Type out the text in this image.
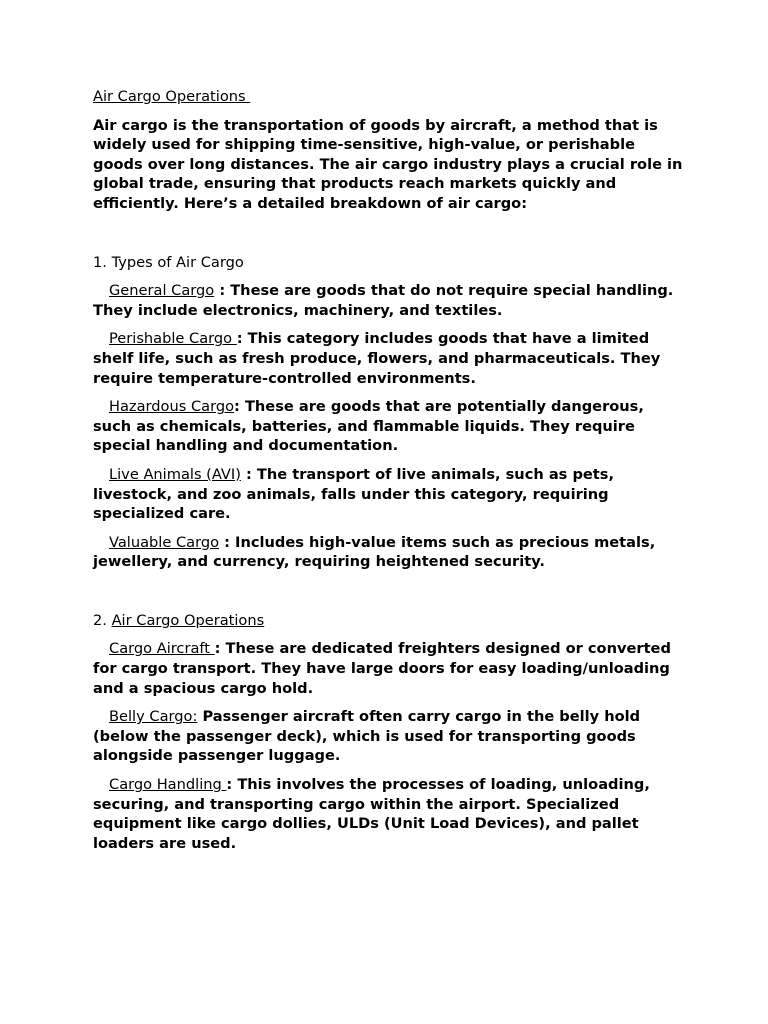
Air Cargo Operations

Air cargo is the transportation of goods by aircraft, a method that is widely used for shipping time-sensitive, high-value, or perishable goods over long distances. The air cargo industry plays a crucial role in global trade, ensuring that products reach markets quickly and efficiently. Here’s a detailed breakdown of air cargo:

1. Types of Air Cargo

General Cargo : These are goods that do not require special handling. They include electronics, machinery, and textiles.

Perishable Cargo : This category includes goods that have a limited shelf life, such as fresh produce, flowers, and pharmaceuticals. They require temperature-controlled environments.

Hazardous Cargo: These are goods that are potentially dangerous, such as chemicals, batteries, and flammable liquids. They require special handling and documentation.

Live Animals (AVI) : The transport of live animals, such as pets, livestock, and zoo animals, falls under this category, requiring specialized care.

Valuable Cargo : Includes high-value items such as precious metals, jewellery, and currency, requiring heightened security.

2. Air Cargo Operations

Cargo Aircraft : These are dedicated freighters designed or converted for cargo transport. They have large doors for easy loading/unloading and a spacious cargo hold.

Belly Cargo: Passenger aircraft often carry cargo in the belly hold (below the passenger deck), which is used for transporting goods alongside passenger luggage.

Cargo Handling : This involves the processes of loading, unloading, securing, and transporting cargo within the airport. Specialized equipment like cargo dollies, ULDs (Unit Load Devices), and pallet loaders are used.
